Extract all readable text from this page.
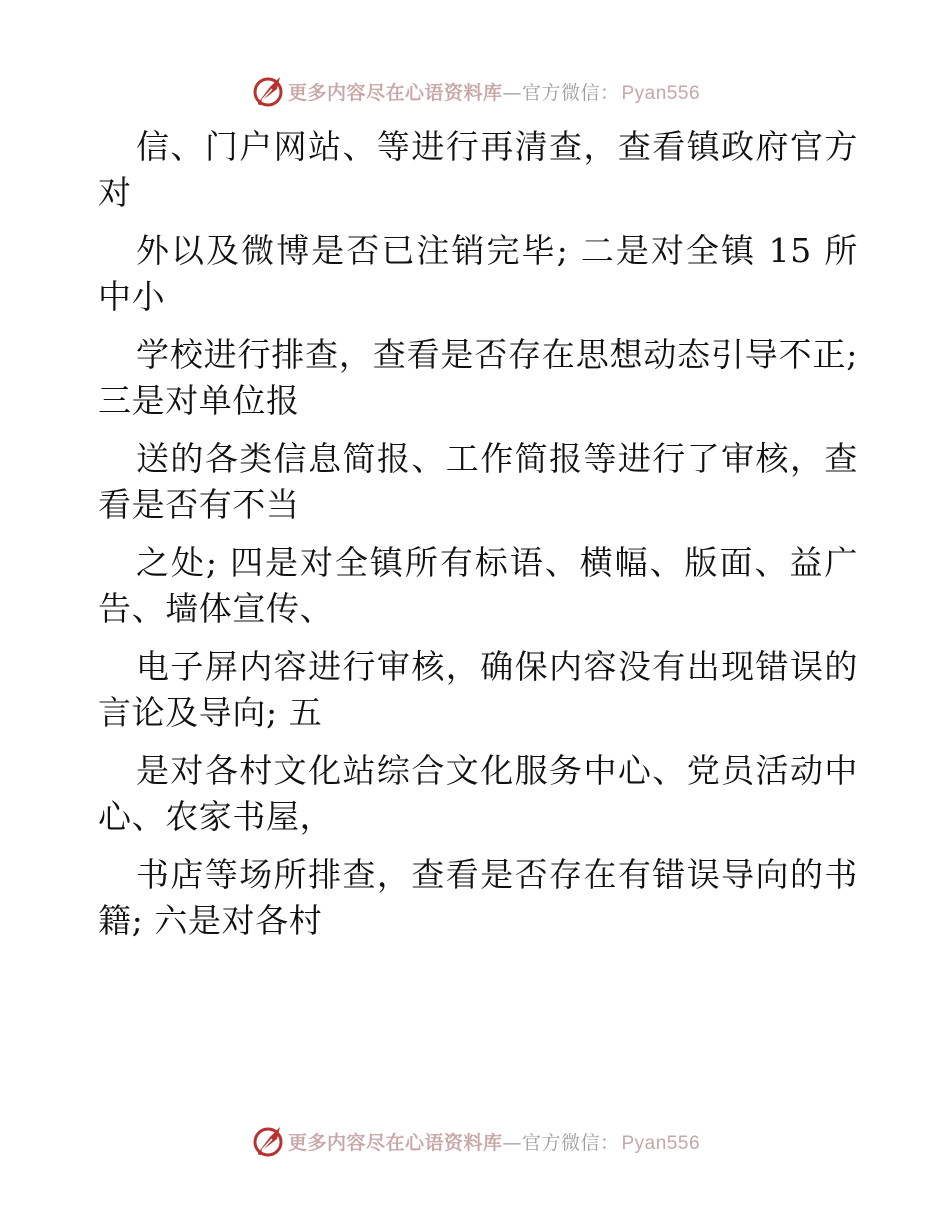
更多内容尽在心语资料库 — 官方微信： Pyan556

信、门户网站、等进行再清查，查看镇政府官方对

外以及微博是否已注销完毕; 二是对全镇 15 所中小

学校进行排查，查看是否存在思想动态引导不正; 三是对单位报

送的各类信息简报、工作简报等进行了审核，查看是否有不当

之处; 四是对全镇所有标语、横幅、版面、益广告、墙体宣传、

电子屏内容进行审核，确保内容没有出现错误的言论及导向; 五

是对各村文化站综合文化服务中心、党员活动中心、农家书屋，

书店等场所排查，查看是否存在有错误导向的书籍; 六是对各村

更多内容尽在心语资料库 — 官方微信： Pyan556
